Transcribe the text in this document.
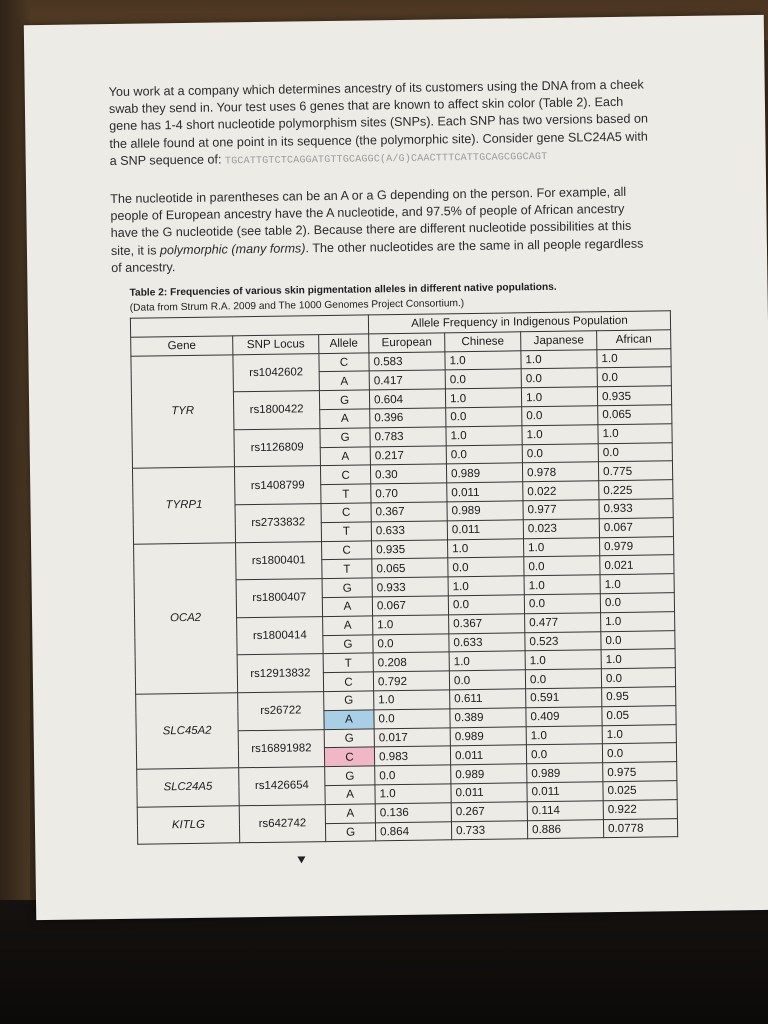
You work at a company which determines ancestry of its customers using the DNA from a cheek swab they send in. Your test uses 6 genes that are known to affect skin color (Table 2). Each gene has 1-4 short nucleotide polymorphism sites (SNPs). Each SNP has two versions based on the allele found at one point in its sequence (the polymorphic site). Consider gene SLC24A5 with a SNP sequence of: TGCATTGTCTCAGGATGTTGCAGGC(A/G)CAACTTTCATTGCAGCGGCAGT

The nucleotide in parentheses can be an A or a G depending on the person. For example, all people of European ancestry have the A nucleotide, and 97.5% of people of African ancestry have the G nucleotide (see table 2). Because there are different nucleotide possibilities at this site, it is polymorphic (many forms). The other nucleotides are the same in all people regardless of ancestry.

Table 2: Frequencies of various skin pigmentation alleles in different native populations.
(Data from Strum R.A. 2009 and The 1000 Genomes Project Consortium.)
			Allele Frequency in Indigenous Population			
Gene	SNP Locus	Allele	European	Chinese	Japanese	African
TYR	rs1042602	C	0.583	1.0	1.0	1.0
		A	0.417	0.0	0.0	0.0
	rs1800422	G	0.604	1.0	1.0	0.935
		A	0.396	0.0	0.0	0.065
	rs1126809	G	0.783	1.0	1.0	1.0
		A	0.217	0.0	0.0	0.0
TYRP1	rs1408799	C	0.30	0.989	0.978	0.775
		T	0.70	0.011	0.022	0.225
	rs2733832	C	0.367	0.989	0.977	0.933
		T	0.633	0.011	0.023	0.067
OCA2	rs1800401	C	0.935	1.0	1.0	0.979
		T	0.065	0.0	0.0	0.021
	rs1800407	G	0.933	1.0	1.0	1.0
		A	0.067	0.0	0.0	0.0
	rs1800414	A	1.0	0.367	0.477	1.0
		G	0.0	0.633	0.523	0.0
	rs12913832	T	0.208	1.0	1.0	1.0
		C	0.792	0.0	0.0	0.0
SLC45A2	rs26722	G	1.0	0.611	0.591	0.95
		A	0.0	0.389	0.409	0.05
	rs16891982	G	0.017	0.989	1.0	1.0
		C	0.983	0.011	0.0	0.0
SLC24A5	rs1426654	G	0.0	0.989	0.989	0.975
		A	1.0	0.011	0.011	0.025
KITLG	rs642742	A	0.136	0.267	0.114	0.922
		G	0.864	0.733	0.886	0.0778
